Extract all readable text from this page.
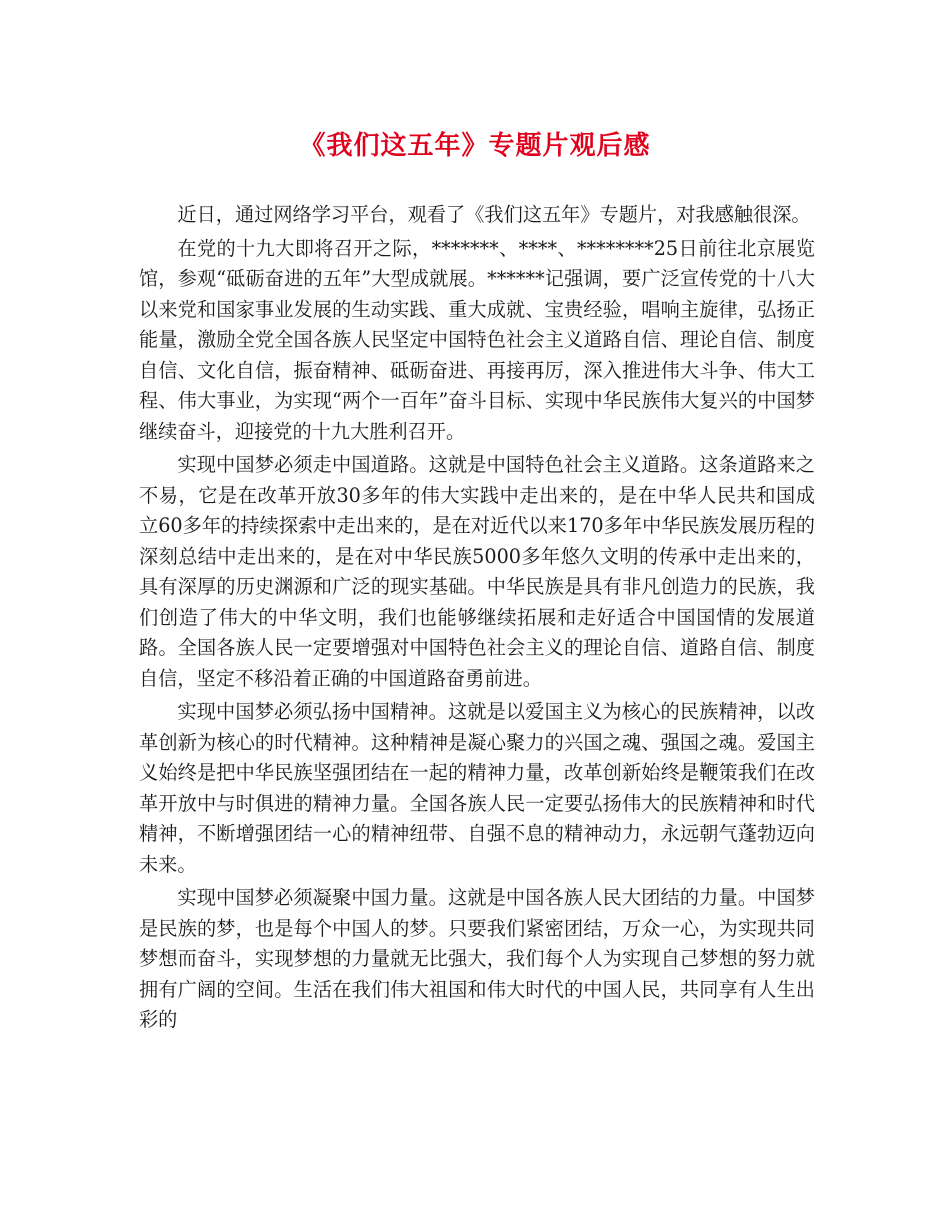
《我们这五年》专题片观后感

近日，通过网络学习平台，观看了《我们这五年》专题片，对我感触很深。

在党的十九大即将召开之际，*******、****、********25日前往北京展览馆，参观“砥砺奋进的五年”大型成就展。******记强调，要广泛宣传党的十八大以来党和国家事业发展的生动实践、重大成就、宝贵经验，唱响主旋律，弘扬正能量，激励全党全国各族人民坚定中国特色社会主义道路自信、理论自信、制度自信、文化自信，振奋精神、砥砺奋进、再接再厉，深入推进伟大斗争、伟大工程、伟大事业，为实现“两个一百年”奋斗目标、实现中华民族伟大复兴的中国梦继续奋斗，迎接党的十九大胜利召开。

实现中国梦必须走中国道路。这就是中国特色社会主义道路。这条道路来之不易，它是在改革开放30多年的伟大实践中走出来的，是在中华人民共和国成立60多年的持续探索中走出来的，是在对近代以来170多年中华民族发展历程的深刻总结中走出来的，是在对中华民族5000多年悠久文明的传承中走出来的，具有深厚的历史渊源和广泛的现实基础。中华民族是具有非凡创造力的民族，我们创造了伟大的中华文明，我们也能够继续拓展和走好适合中国国情的发展道路。全国各族人民一定要增强对中国特色社会主义的理论自信、道路自信、制度自信，坚定不移沿着正确的中国道路奋勇前进。

实现中国梦必须弘扬中国精神。这就是以爱国主义为核心的民族精神，以改革创新为核心的时代精神。这种精神是凝心聚力的兴国之魂、强国之魂。爱国主义始终是把中华民族坚强团结在一起的精神力量，改革创新始终是鞭策我们在改革开放中与时俱进的精神力量。全国各族人民一定要弘扬伟大的民族精神和时代精神，不断增强团结一心的精神纽带、自强不息的精神动力，永远朝气蓬勃迈向未来。

实现中国梦必须凝聚中国力量。这就是中国各族人民大团结的力量。中国梦是民族的梦，也是每个中国人的梦。只要我们紧密团结，万众一心，为实现共同梦想而奋斗，实现梦想的力量就无比强大，我们每个人为实现自己梦想的努力就拥有广阔的空间。生活在我们伟大祖国和伟大时代的中国人民，共同享有人生出彩的
